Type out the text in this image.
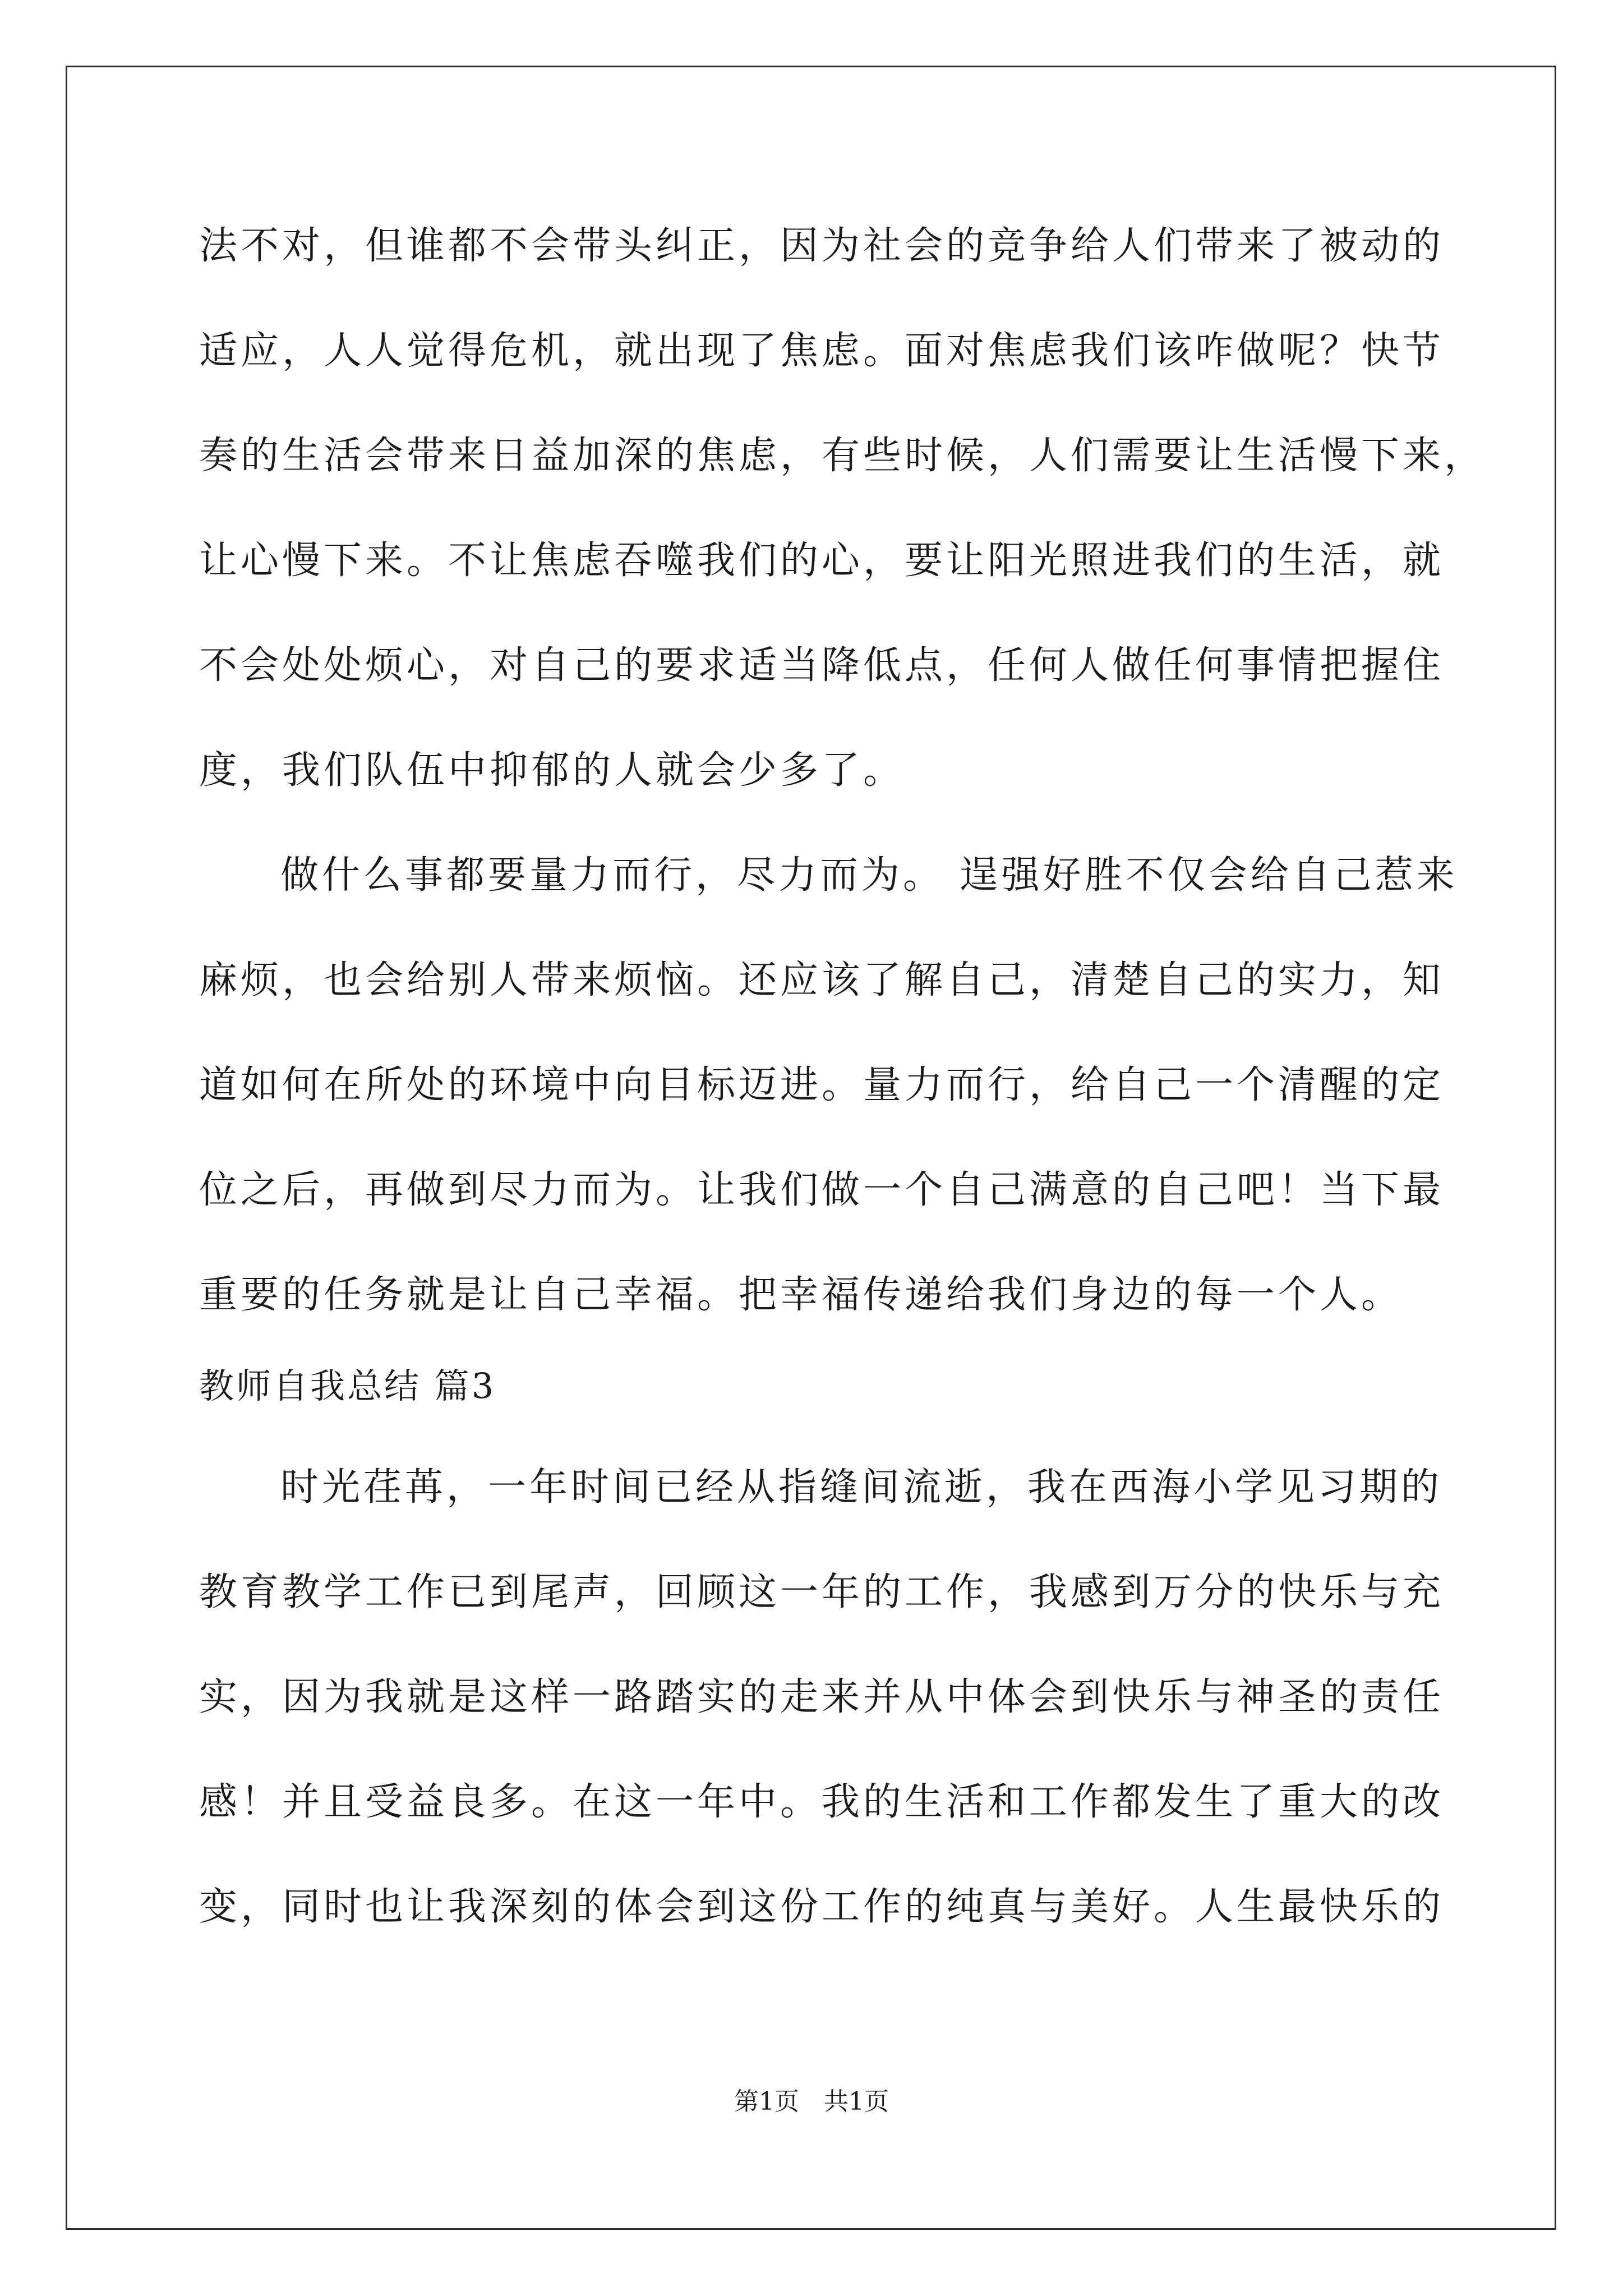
法不对，但谁都不会带头纠正，因为社会的竞争给人们带来了被动的
适应，人人觉得危机，就出现了焦虑。面对焦虑我们该咋做呢？快节
奏的生活会带来日益加深的焦虑，有些时候，人们需要让生活慢下来，
让心慢下来。不让焦虑吞噬我们的心，要让阳光照进我们的生活，就
不会处处烦心，对自己的要求适当降低点，任何人做任何事情把握住
度，我们队伍中抑郁的人就会少多了。
做什么事都要量力而行，尽力而为。 逞强好胜不仅会给自己惹来
麻烦，也会给别人带来烦恼。还应该了解自己，清楚自己的实力，知
道如何在所处的环境中向目标迈进。量力而行，给自己一个清醒的定
位之后，再做到尽力而为。让我们做一个自己满意的自己吧！当下最
重要的任务就是让自己幸福。把幸福传递给我们身边的每一个人。
教师自我总结 篇3
时光荏苒，一年时间已经从指缝间流逝，我在西海小学见习期的
教育教学工作已到尾声，回顾这一年的工作，我感到万分的快乐与充
实，因为我就是这样一路踏实的走来并从中体会到快乐与神圣的责任
感！并且受益良多。在这一年中。我的生活和工作都发生了重大的改
变，同时也让我深刻的体会到这份工作的纯真与美好。人生最快乐的
第1页　共1页
